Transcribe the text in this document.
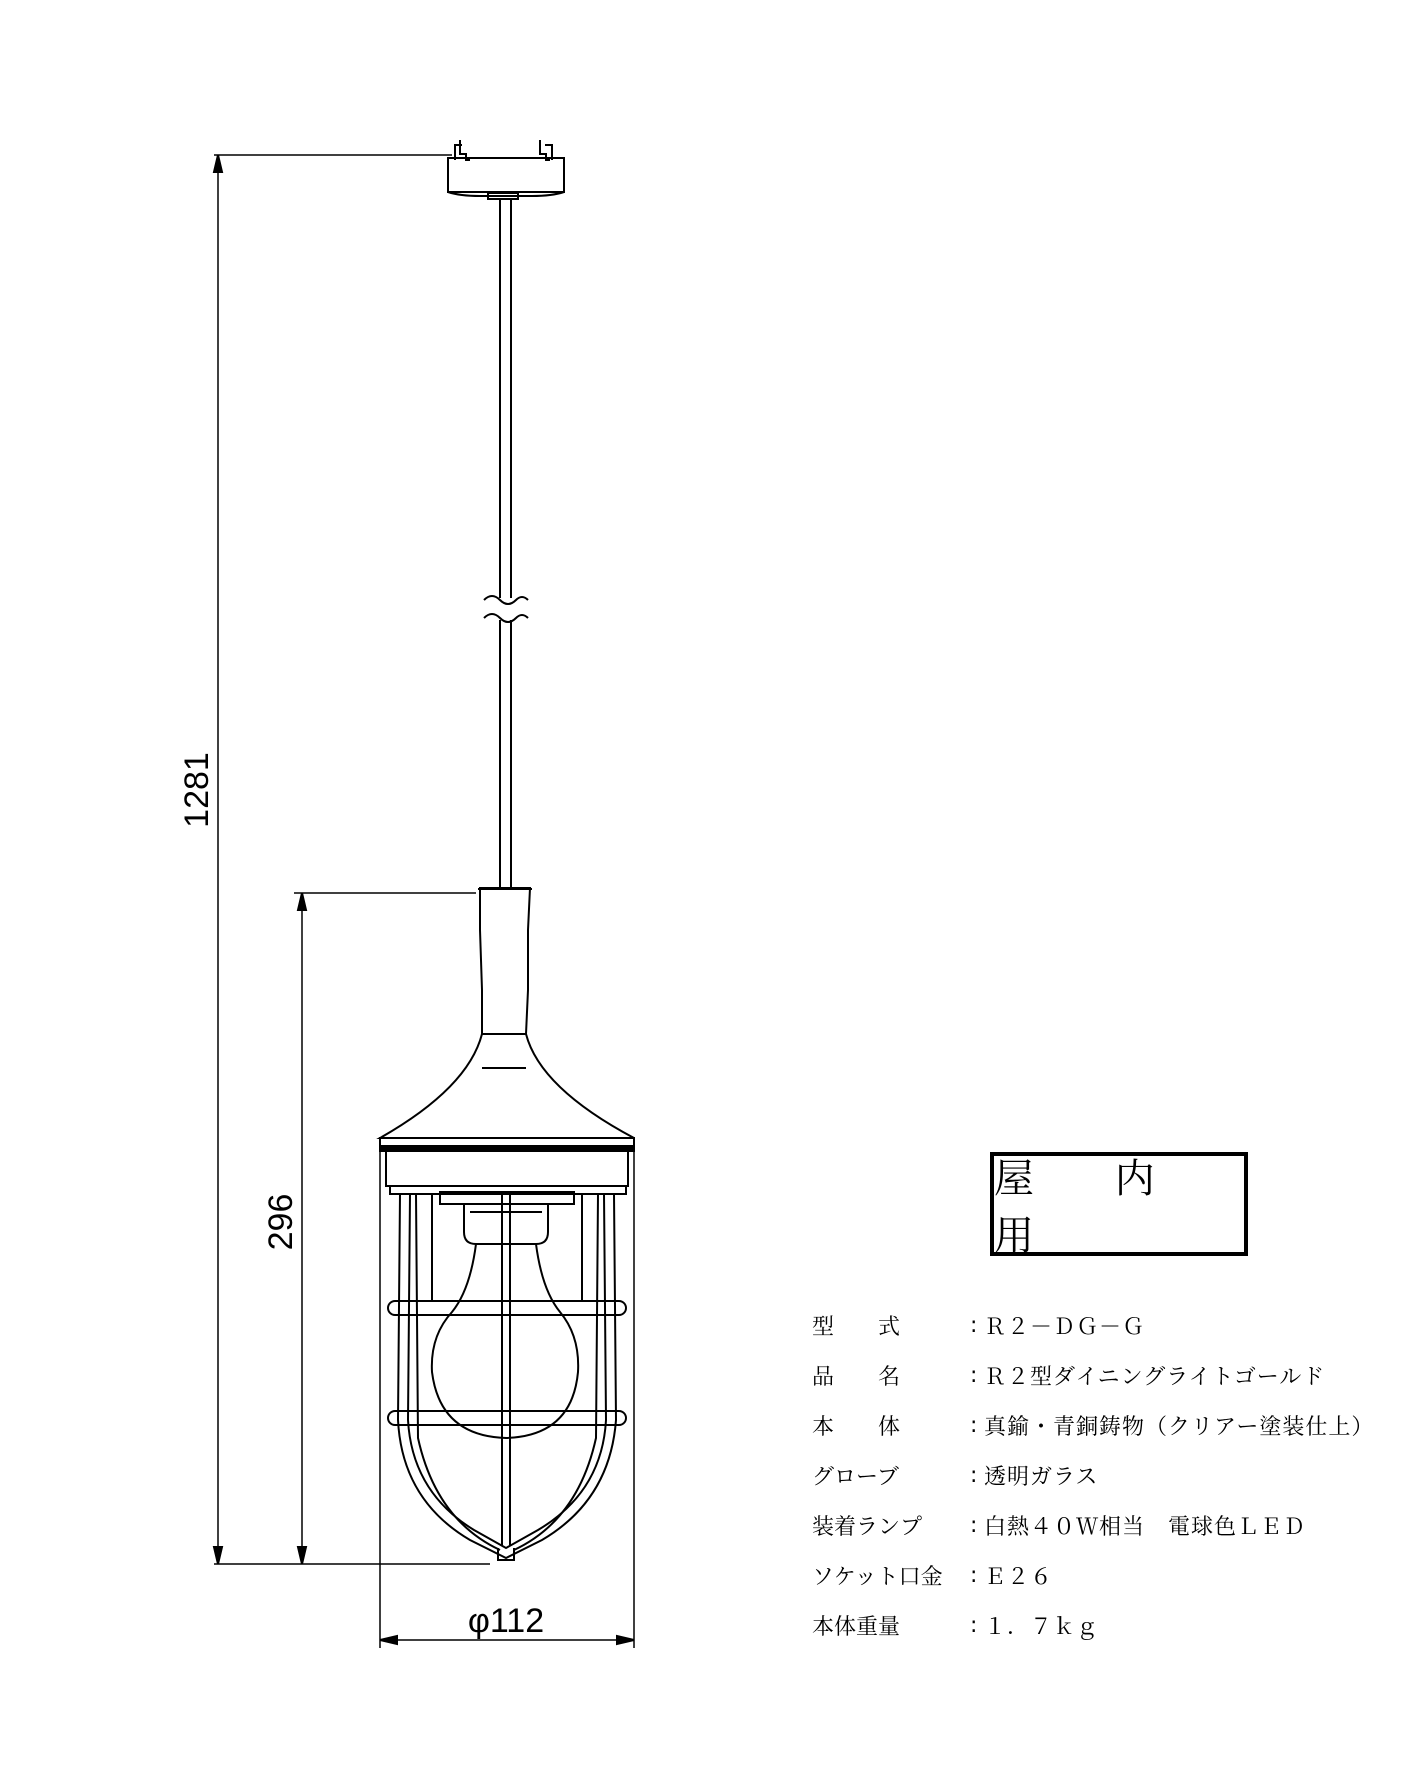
1281
296
φ112
屋 内 用
型　　式	: Ｒ２－ＤＧ－Ｇ
品　　名	: Ｒ２型ダイニングライトゴールド
本　　体	: 真鍮・青銅鋳物（クリアー塗装仕上）
グローブ	: 透明ガラス
装着ランプ	: 白熱４０Ｗ相当　電球色ＬＥＤ
ソケット口金	: Ｅ２６
本体重量	: １．７ｋｇ
